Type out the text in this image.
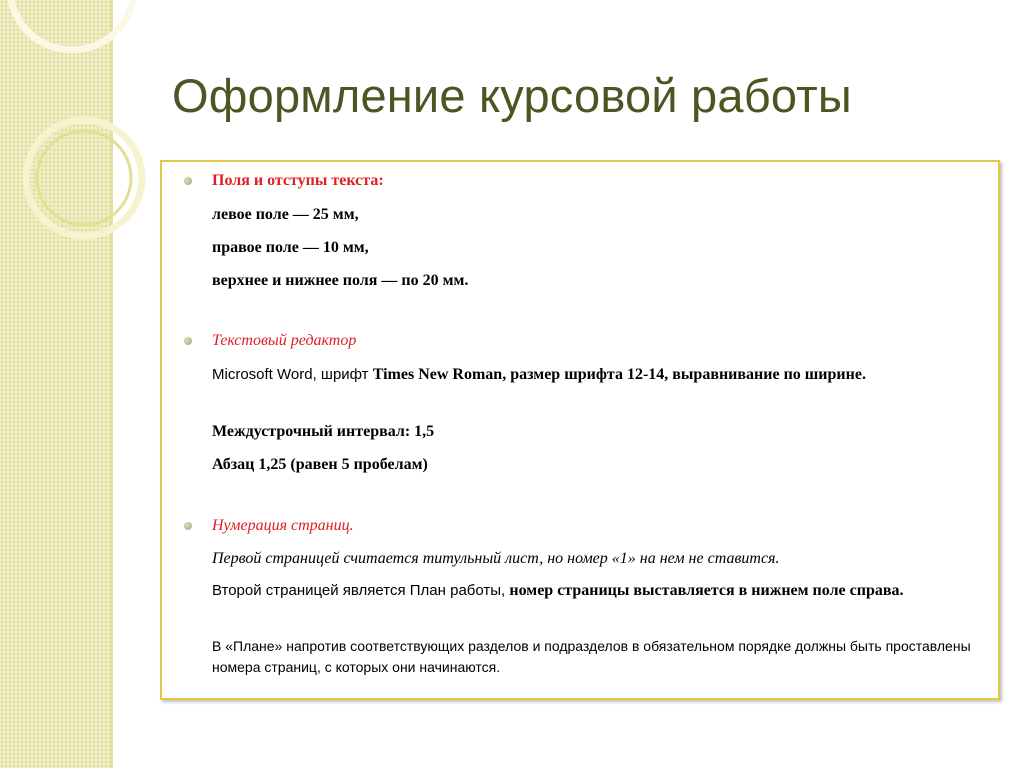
Оформление курсовой работы

Поля и отступы текста:

левое поле — 25 мм,

правое поле — 10 мм,

верхнее и нижнее поля — по 20 мм.

Текстовый редактор

Microsoft Word, шрифт Times New Roman, размер шрифта 12-14, выравнивание по ширине.

Междустрочный интервал: 1,5

Абзац 1,25 (равен 5 пробелам)

Нумерация страниц.

Первой страницей считается титульный лист, но номер «1» на нем не ставится.

Второй страницей является План работы, номер страницы выставляется в нижнем поле справа.

В «Плане» напротив соответствующих разделов и подразделов в обязательном порядке должны быть проставлены номера страниц, с которых они начинаются.
